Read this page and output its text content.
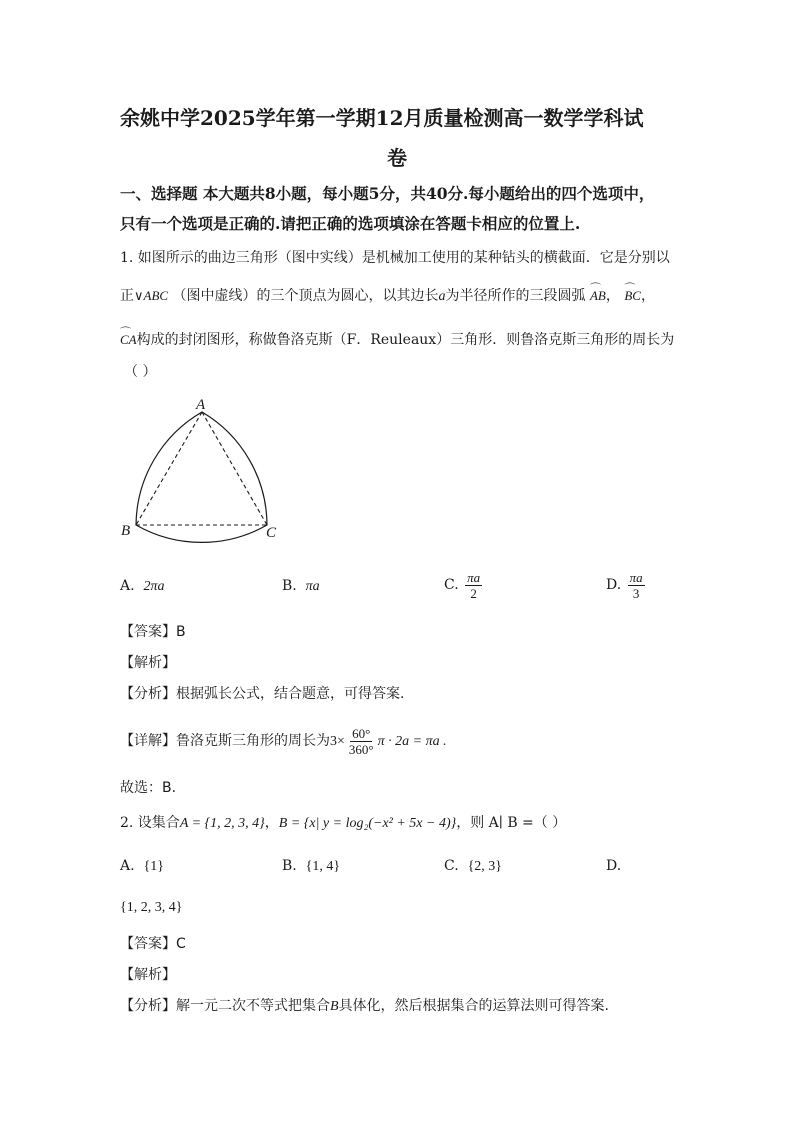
余姚中学2025学年第一学期12月质量检测高一数学学科试
卷
一、选择题 本大题共8小题，每小题5分，共40分.每小题给出的四个选项中，
只有一个选项是正确的.请把正确的选项填涂在答题卡相应的位置上.
1. 如图所示的曲边三角形（图中实线）是机械加工使用的某种钻头的横截面．它是分别以
正∨ABC （图中虚线）的三个顶点为圆心，以其边长a为半径所作的三段圆弧 ⌒ AB， ⌒ BC，
⌒ CA构成的封闭图形，称做鲁洛克斯（F．Reuleaux）三角形．则鲁洛克斯三角形的周长为
（ ）
A
B	C
A. 2πa	B. πa	C. $\frac{\pi a}{2}$	D. $\frac{\pi a}{3}$
【答案】B
【解析】
【分析】根据弧长公式，结合题意，可得答案.
【详解】鲁洛克斯三角形的周长为$3\times \frac{60^\circ}{360^\circ}$ π · 2a = πa .
故选：B.
2. 设集合A = {1, 2, 3, 4}，B = {x| y = log₂(−x² + 5x − 4)}，则 A∣ B =（ ）
A. {1}	B. {1, 4}	C. {2, 3}	D.
{1, 2, 3, 4}
【答案】C
【解析】
【分析】解一元二次不等式把集合B具体化，然后根据集合的运算法则可得答案.
